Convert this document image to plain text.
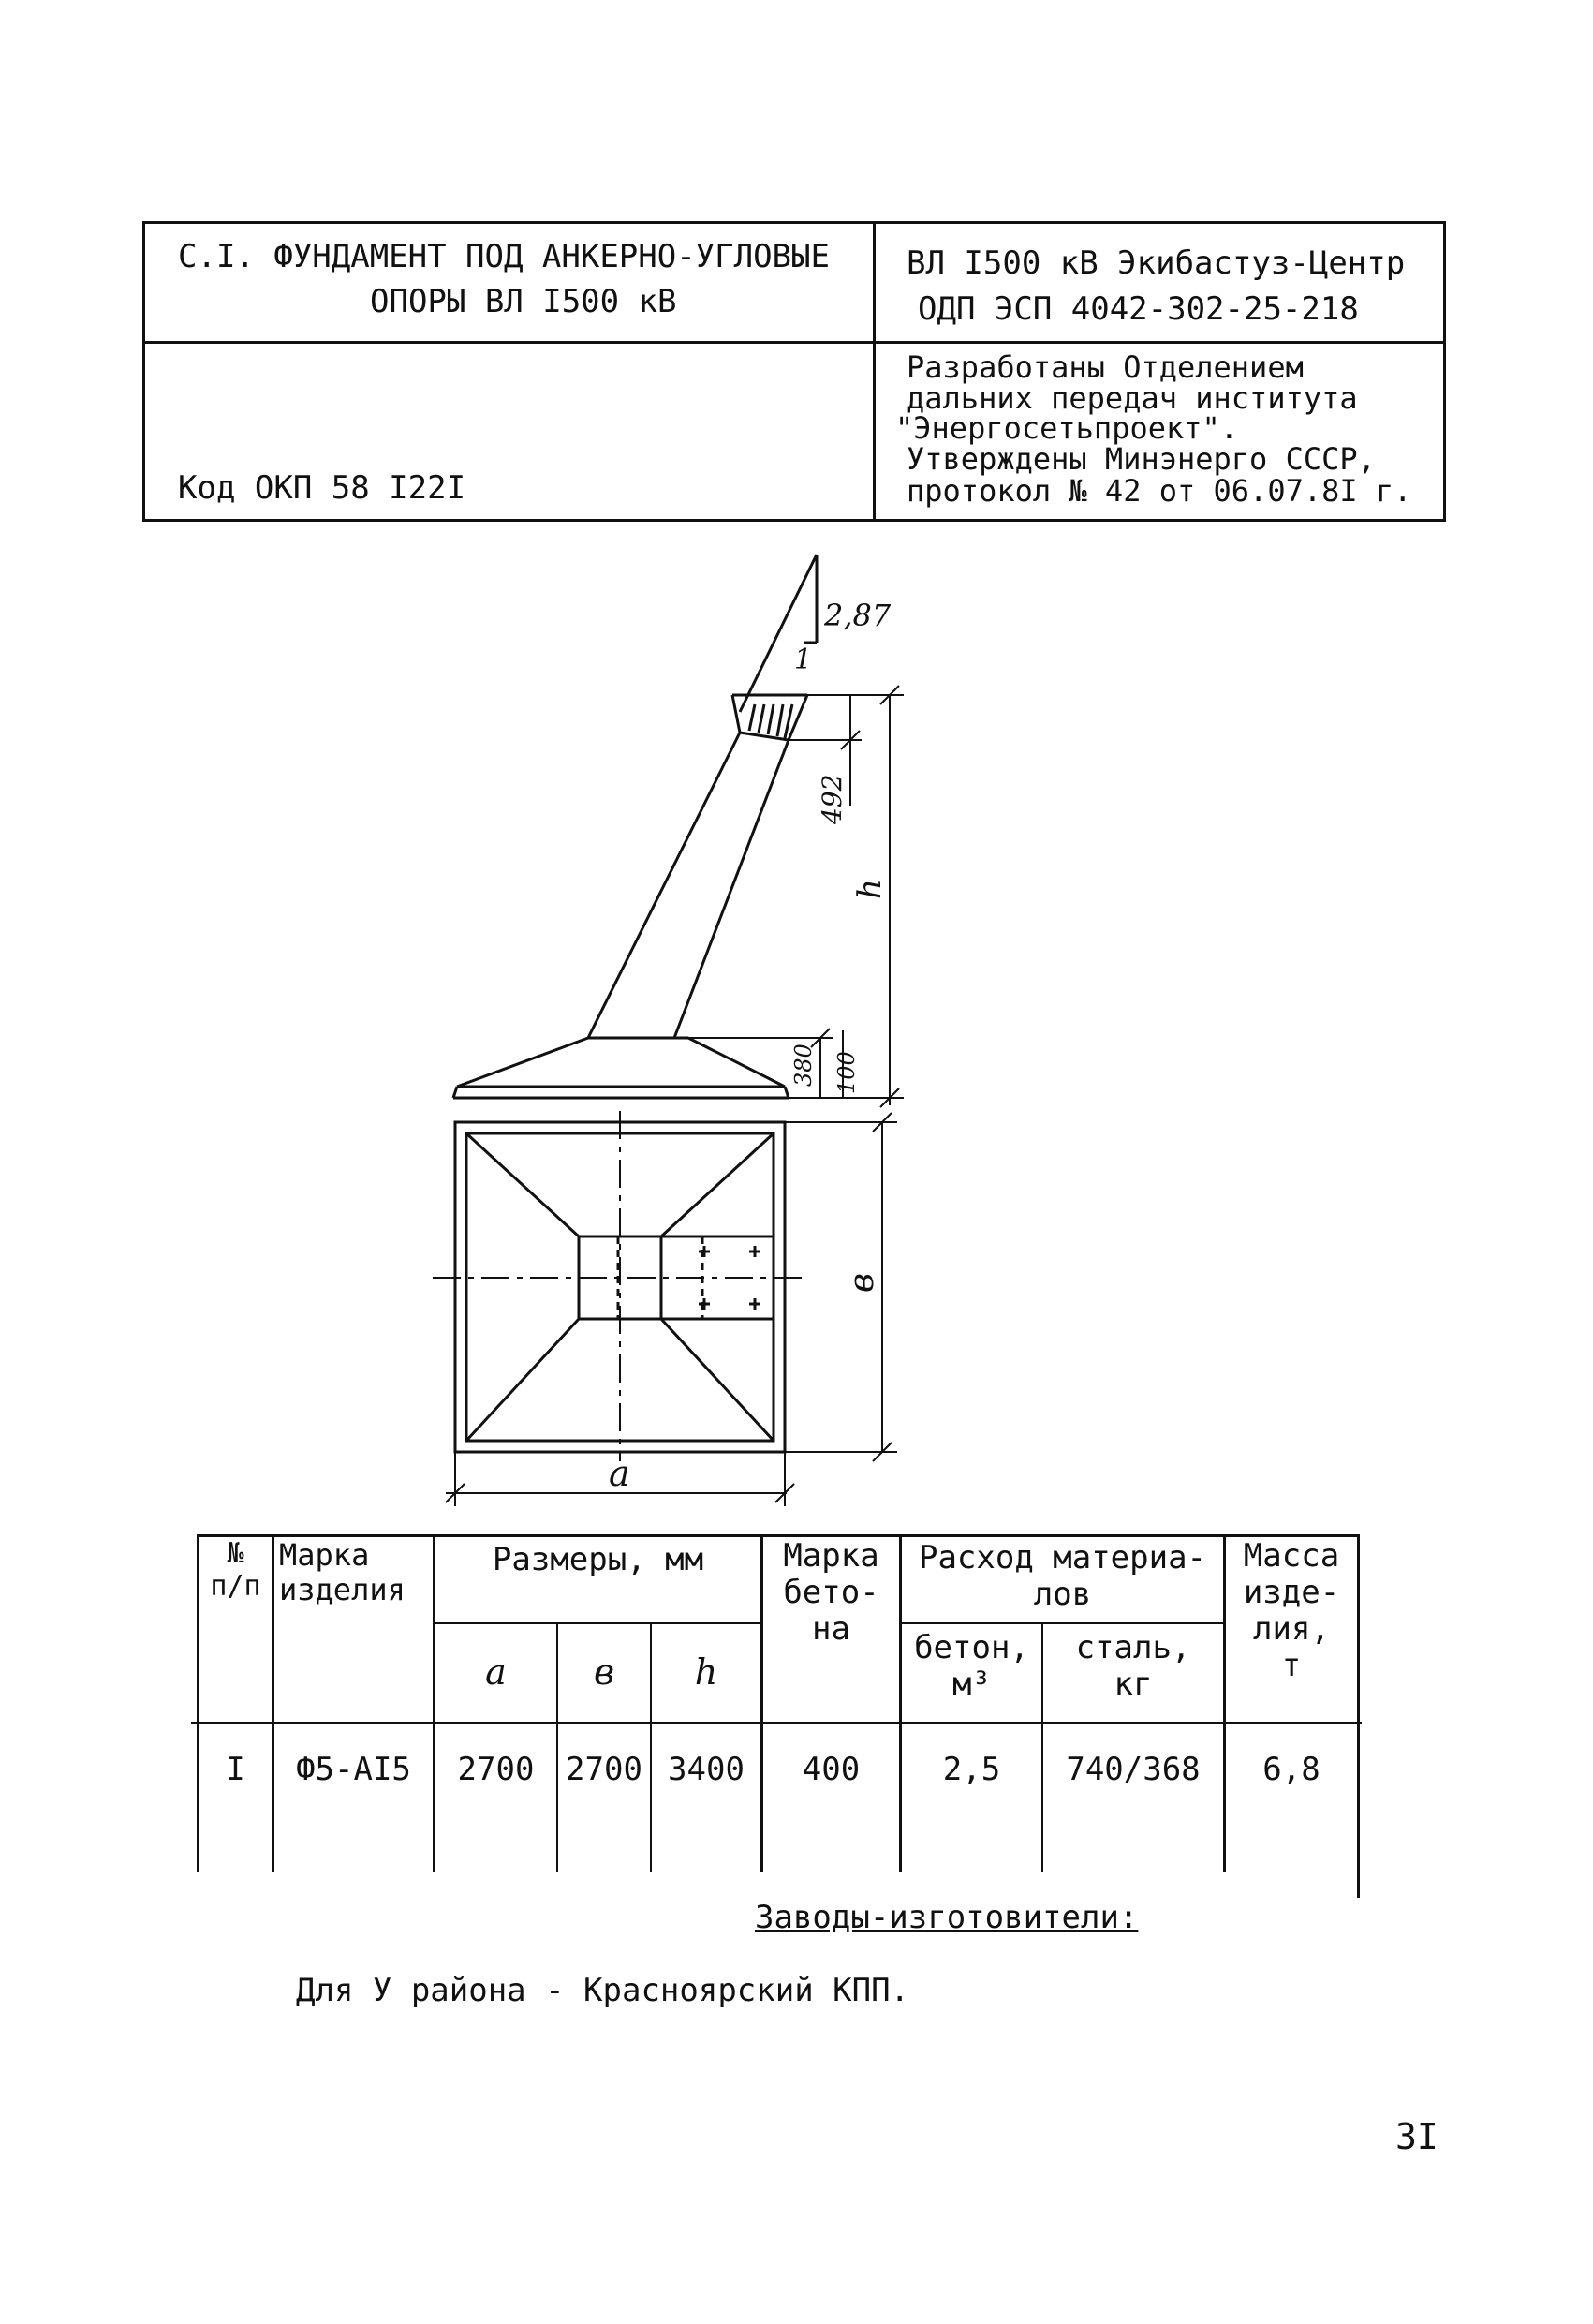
С.I. ФУНДАМЕНТ ПОД АНКЕРНО-УГЛОВЫЕ
ОПОРЫ ВЛ I500 кВ
ВЛ I500 кВ Экибастуз-Центр
ОДП ЭСП 4042-302-25-218
Код ОКП 58 I22I
Разработаны Отделением
дальних передач института
"Энергосетьпроект".
Утверждены Минэнерго СССР,
протокол № 42 от 06.07.8I г.
2,87
1
492
h
380 100
в
a
№
п/п
Марка
изделия
Размеры, мм
a	в	h
Марка
бето-
на
Расход материа-
лов
бетон,
м³
сталь,
кг
Масса
изде-
лия,
т
I	Ф5-АI5	2700 2700 3400	400	2,5	740/368	6,8
Заводы-изготовители:
Для У района - Красноярский КПП.
3I
